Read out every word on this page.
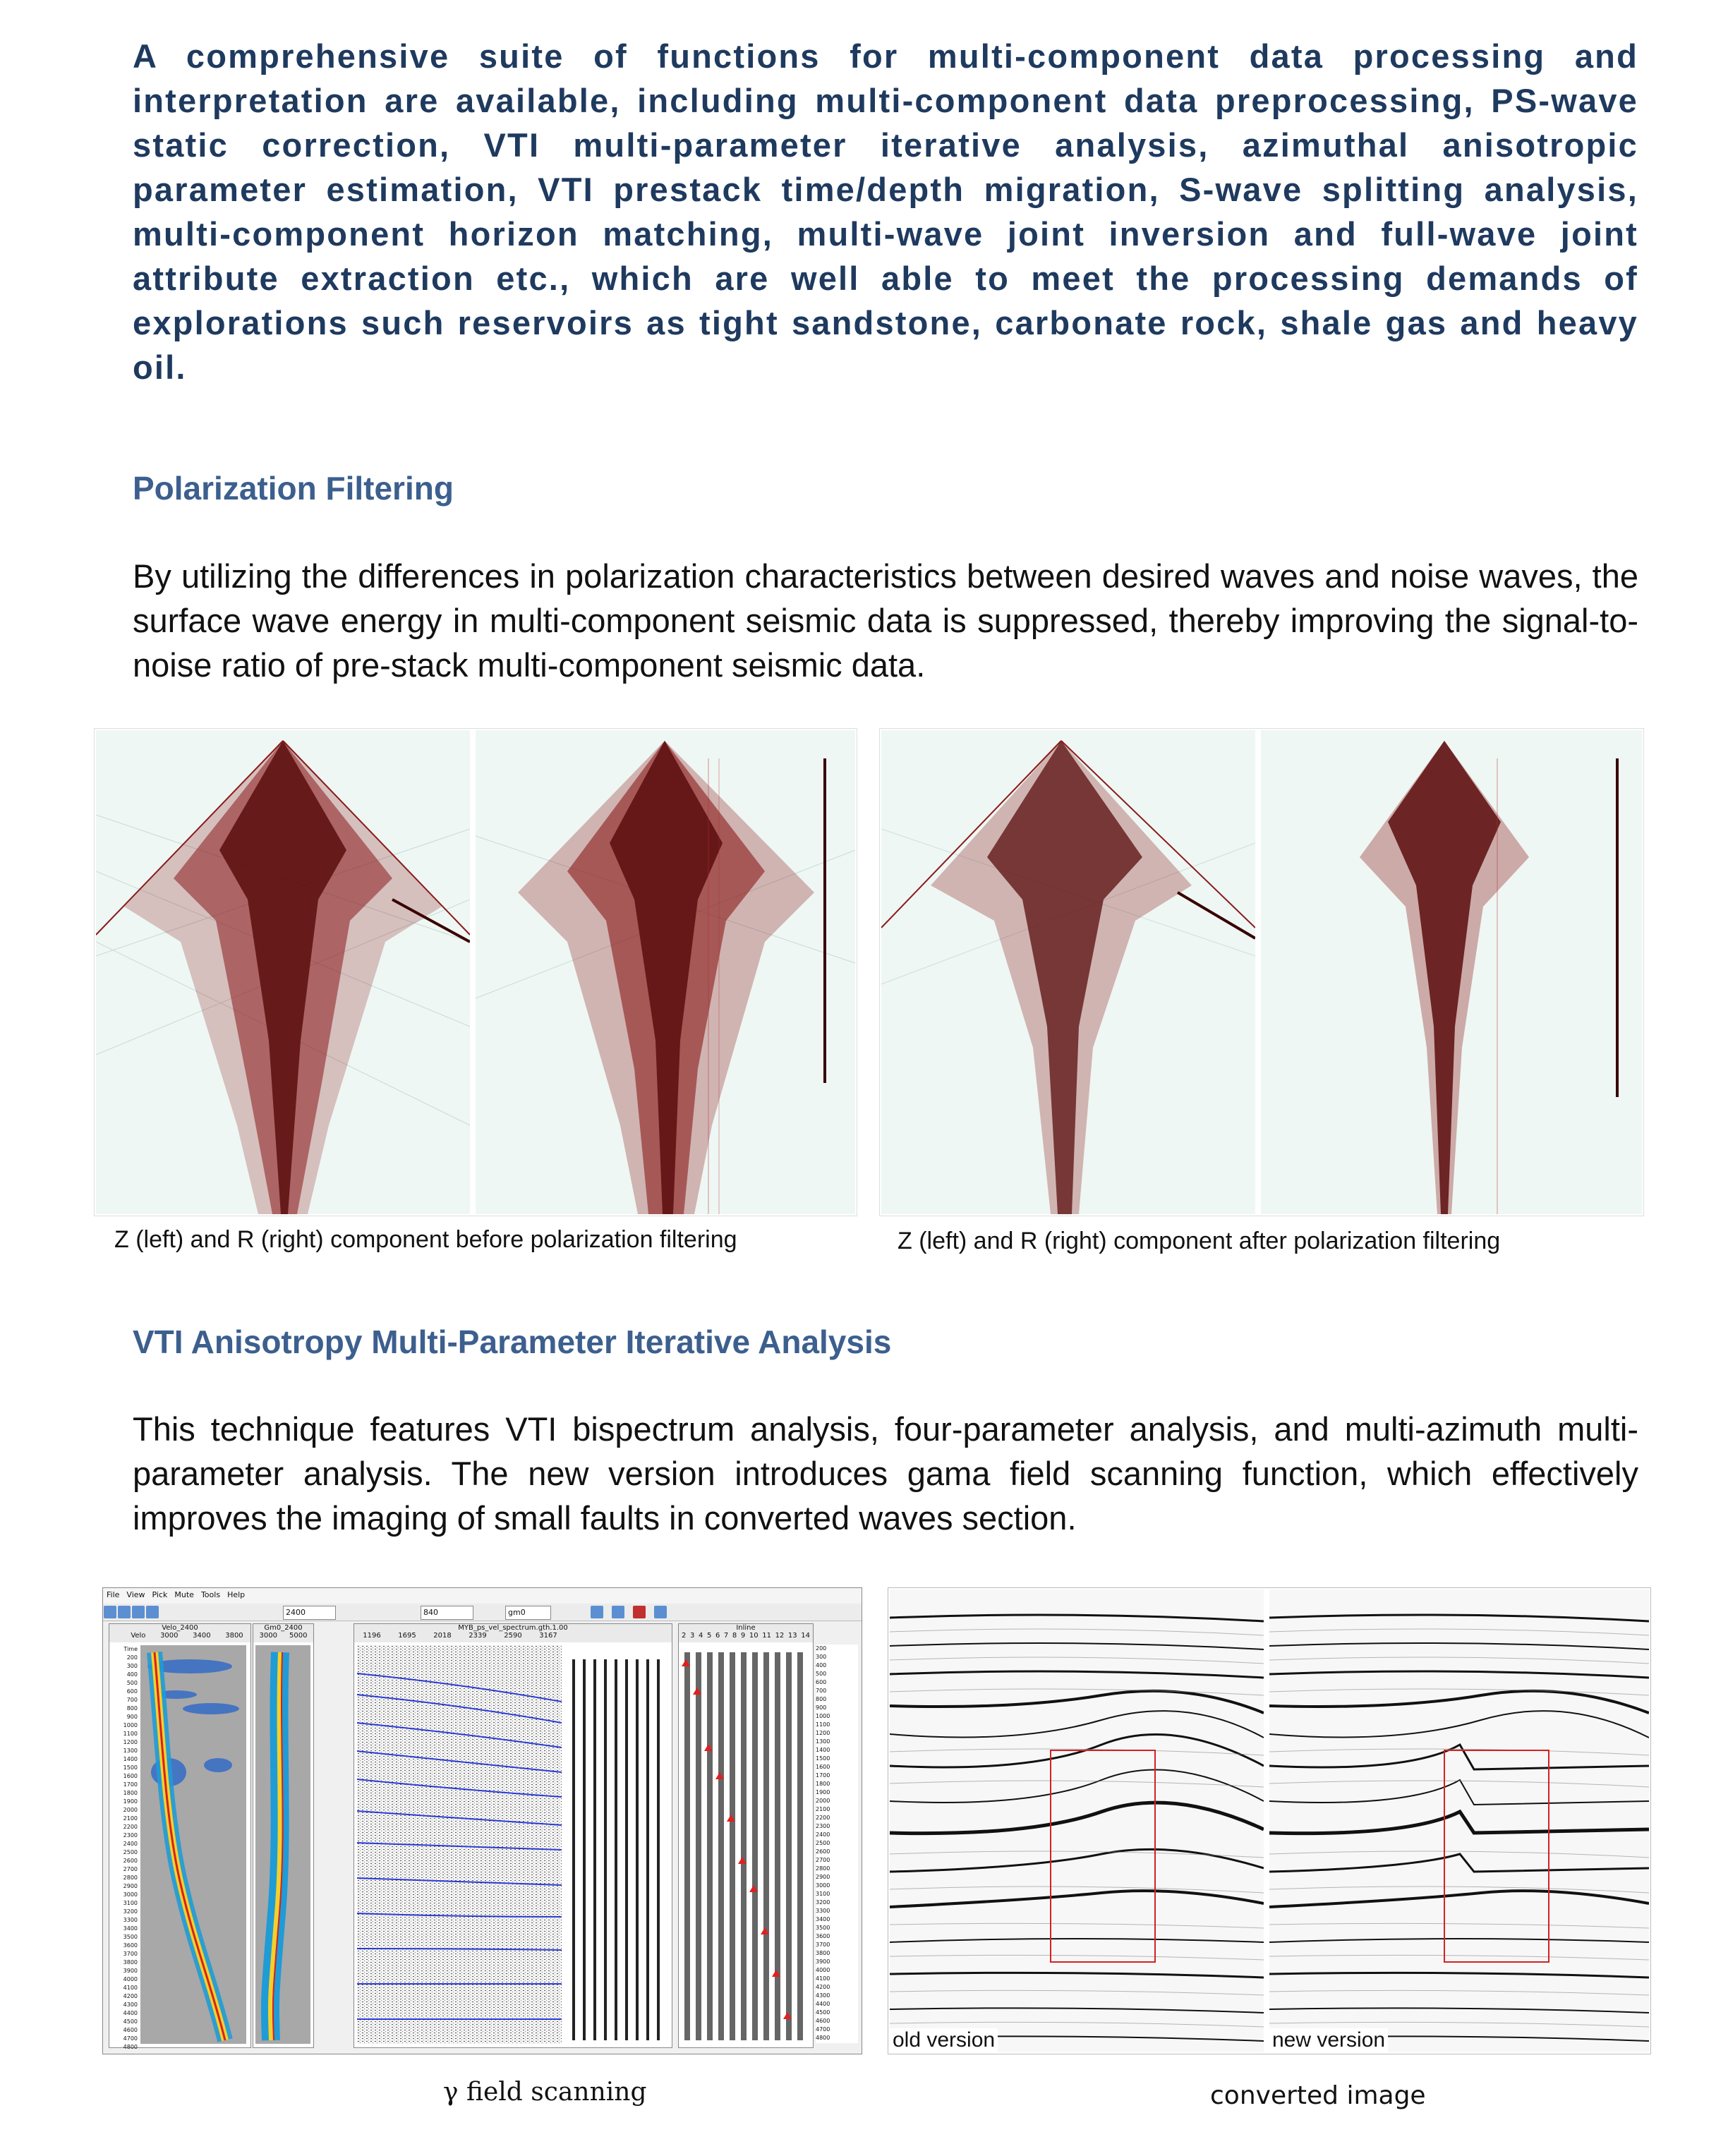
A comprehensive suite of functions for multi-component data processing and interpretation are available, including multi-component data preprocessing, PS-wave static correction, VTI multi-parameter iterative analysis, azimuthal anisotropic parameter estimation, VTI prestack time/depth migration, S-wave splitting analysis, multi-component horizon matching, multi-wave joint inversion and full-wave joint attribute extraction etc., which are well able to meet the processing demands of explorations such reservoirs as tight sandstone, carbonate rock, shale gas and heavy oil.
Polarization Filtering
By utilizing the differences in polarization characteristics between desired waves and noise waves, the surface wave energy in multi-component seismic data is suppressed, thereby improving the signal-to-noise ratio of pre-stack multi-component seismic data.
Z (left) and R (right) component before polarization filtering	Z (left) and R (right) component after polarization filtering
VTI Anisotropy Multi-Parameter Iterative Analysis
This technique features VTI bispectrum analysis, four-parameter analysis, and multi-azimuth multi-parameter analysis. The new version introduces gama field scanning function, which effectively improves the imaging of small faults in converted waves section.
File View Pick Mute Tools Help
2400	840	gm0
Velo_2400
Velo 3000 3400 3800
Time
200
300
400
500
600
700
800
900
1000
1100
1200
1300
1400
1500
1600
1700
1800
1900
2000
2100
2200
2300
2400
2500
2600
2700
2800
2900
3000
3100
3200
3300
3400
3500
3600
3700
3800
3900
4000
4100
4200
4300
4400
4500
4600
4700
4800
Gm0_2400
3000 5000
MYB_ps_vel_spectrum.gth.1.00
1196 1695 2018 2339 2590 3167
Inline
2 3 4 5 6 7 8 9 10 11 12 13 14
200
300
400
500
600
700
800
900
1000
1100
1200
1300
1400
1500
1600
1700
1800
1900
2000
2100
2200
2300
2400
2500
2600
2700
2800
2900
3000
3100
3200
3300
3400
3500
3600
3700
3800
3900
4000
4100
4200
4300
4400
4500
4600
4700
4800	old version	new version
γ field scanning	converted image
